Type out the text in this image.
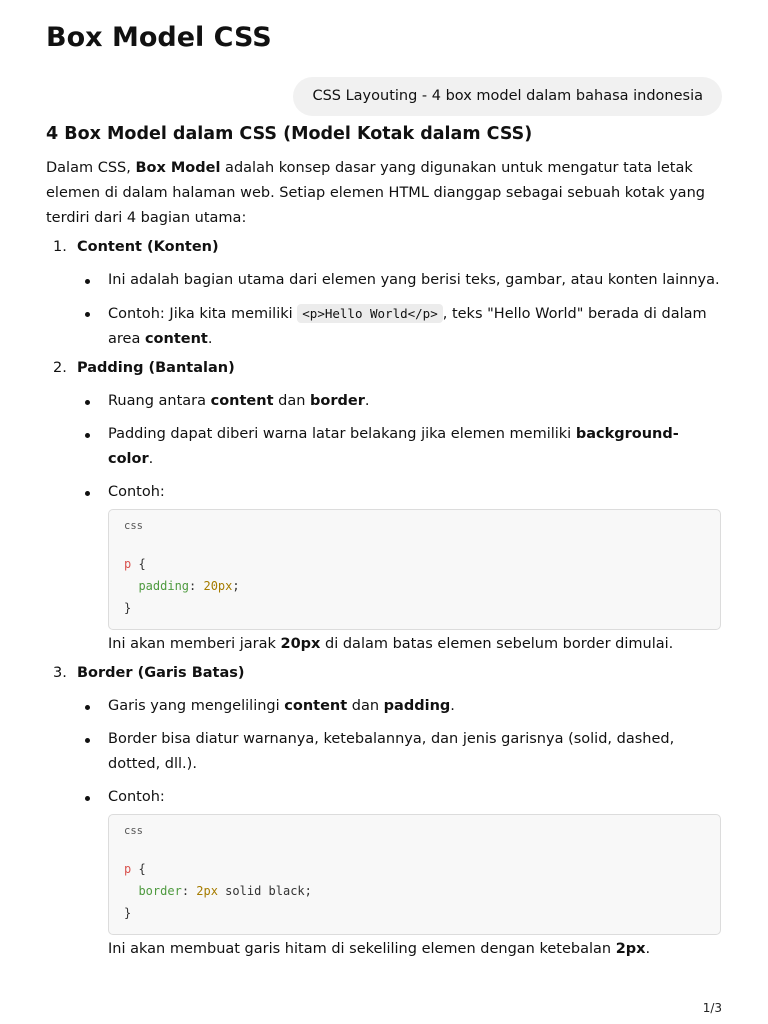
Box Model CSS
CSS Layouting - 4 box model dalam bahasa indonesia
4 Box Model dalam CSS (Model Kotak dalam CSS)

Dalam CSS, Box Model adalah konsep dasar yang digunakan untuk mengatur tata letak elemen di dalam halaman web. Setiap elemen HTML dianggap sebagai sebuah kotak yang terdiri dari 4 bagian utama:

1. Content (Konten)
Ini adalah bagian utama dari elemen yang berisi teks, gambar, atau konten lainnya.
Contoh: Jika kita memiliki <p>Hello World</p> , teks "Hello World" berada di dalam area content.
2. Padding (Bantalan)
Ruang antara content dan border.
Padding dapat diberi warna latar belakang jika elemen memiliki background-color.
Contoh:
css
p {
padding: 20px;
}
Ini akan memberi jarak 20px di dalam batas elemen sebelum border dimulai.
3. Border (Garis Batas)
Garis yang mengelilingi content dan padding.
Border bisa diatur warnanya, ketebalannya, dan jenis garisnya (solid, dashed, dotted, dll.).
Contoh:
css
p {
border: 2px solid black;
}
Ini akan membuat garis hitam di sekeliling elemen dengan ketebalan 2px.
1/3
